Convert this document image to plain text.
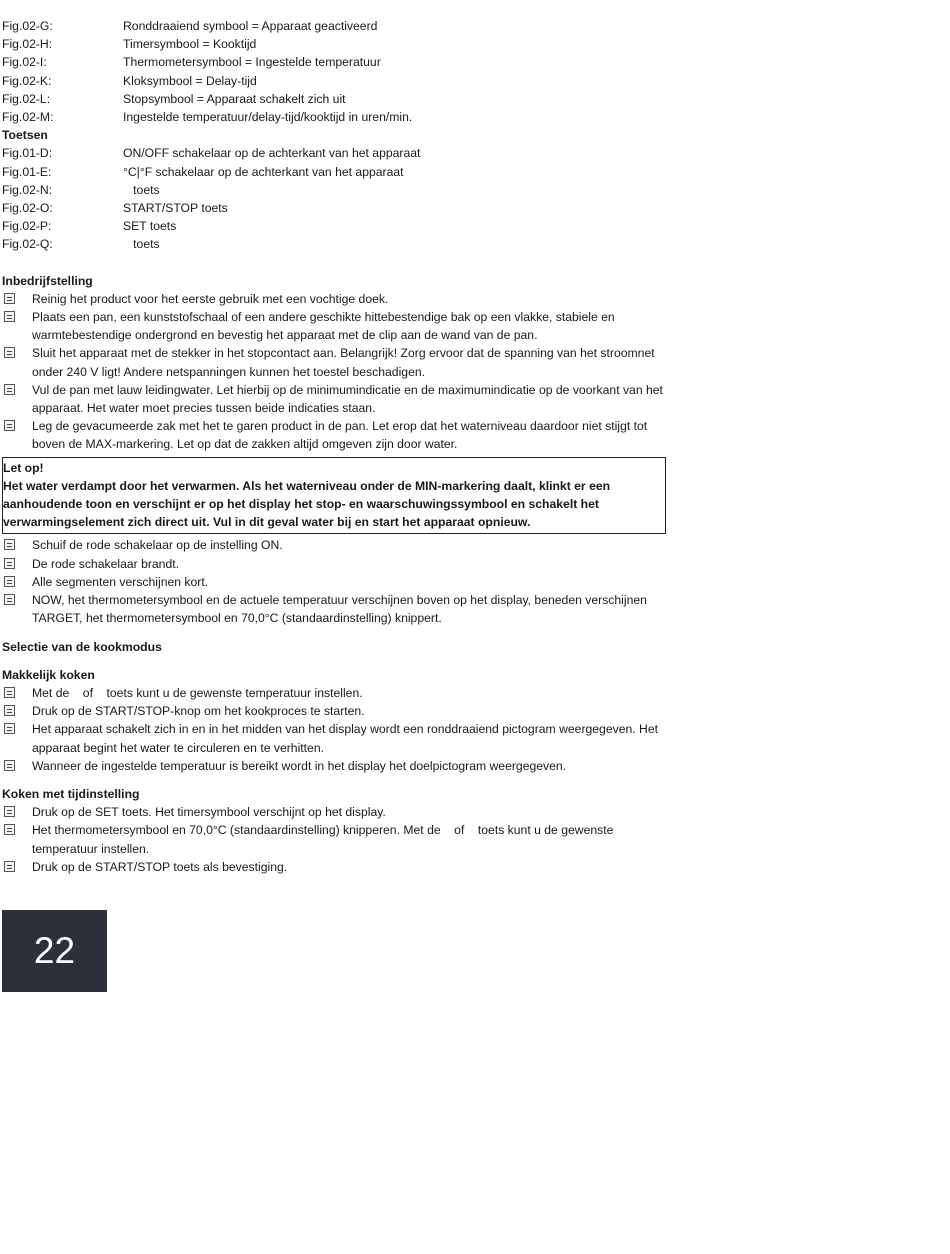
Fig.02-G:	Ronddraaiend symbool = Apparaat geactiveerd
Fig.02-H:	Timersymbool = Kooktijd
Fig.02-I:	Thermometersymbool = Ingestelde temperatuur
Fig.02-K:	Kloksymbool = Delay-tijd
Fig.02-L:	Stopsymbool = Apparaat schakelt zich uit
Fig.02-M:	Ingestelde temperatuur/delay-tijd/kooktijd in uren/min.
Toetsen
Fig.01-D:	ON/OFF schakelaar op de achterkant van het apparaat
Fig.01-E:	°C|°F schakelaar op de achterkant van het apparaat
Fig.02-N:	toets
Fig.02-O:	START/STOP toets
Fig.02-P:	SET toets
Fig.02-Q:	toets
Inbedrijfstelling
Reinig het product voor het eerste gebruik met een vochtige doek.
Plaats een pan, een kunststofschaal of een andere geschikte hittebestendige bak op een vlakke, stabiele en warmtebestendige ondergrond en bevestig het apparaat met de clip aan de wand van de pan.
Sluit het apparaat met de stekker in het stopcontact aan. Belangrijk! Zorg ervoor dat de spanning van het stroomnet onder 240 V ligt! Andere netspanningen kunnen het toestel beschadigen.
Vul de pan met lauw leidingwater. Let hierbij op de minimumindicatie en de maximumindicatie op de voorkant van het apparaat. Het water moet precies tussen beide indicaties staan.
Leg de gevacumeerde zak met het te garen product in de pan. Let erop dat het waterniveau daardoor niet stijgt tot boven de MAX-markering. Let op dat de zakken altijd omgeven zijn door water.
Let op!
Het water verdampt door het verwarmen. Als het waterniveau onder de MIN-markering daalt, klinkt er een aanhoudende toon en verschijnt er op het display het stop- en waarschuwingssymbool en schakelt het verwarmingselement zich direct uit. Vul in dit geval water bij en start het apparaat opnieuw.
Schuif de rode schakelaar op de instelling ON.
De rode schakelaar brandt.
Alle segmenten verschijnen kort.
NOW, het thermometersymbool en de actuele temperatuur verschijnen boven op het display, beneden verschijnen TARGET, het thermometersymbool en 70,0°C (standaardinstelling) knippert.
Selectie van de kookmodus
Makkelijk koken
Met de    of    toets kunt u de gewenste temperatuur instellen.
Druk op de START/STOP-knop om het kookproces te starten.
Het apparaat schakelt zich in en in het midden van het display wordt een ronddraaiend pictogram weergegeven. Het apparaat begint het water te circuleren en te verhitten.
Wanneer de ingestelde temperatuur is bereikt wordt in het display het doelpictogram weergegeven.
Koken met tijdinstelling
Druk op de SET toets. Het timersymbool verschijnt op het display.
Het thermometersymbool en 70,0°C (standaardinstelling) knipperen. Met de    of    toets kunt u de gewenste temperatuur instellen.
Druk op de START/STOP toets als bevestiging.
22
